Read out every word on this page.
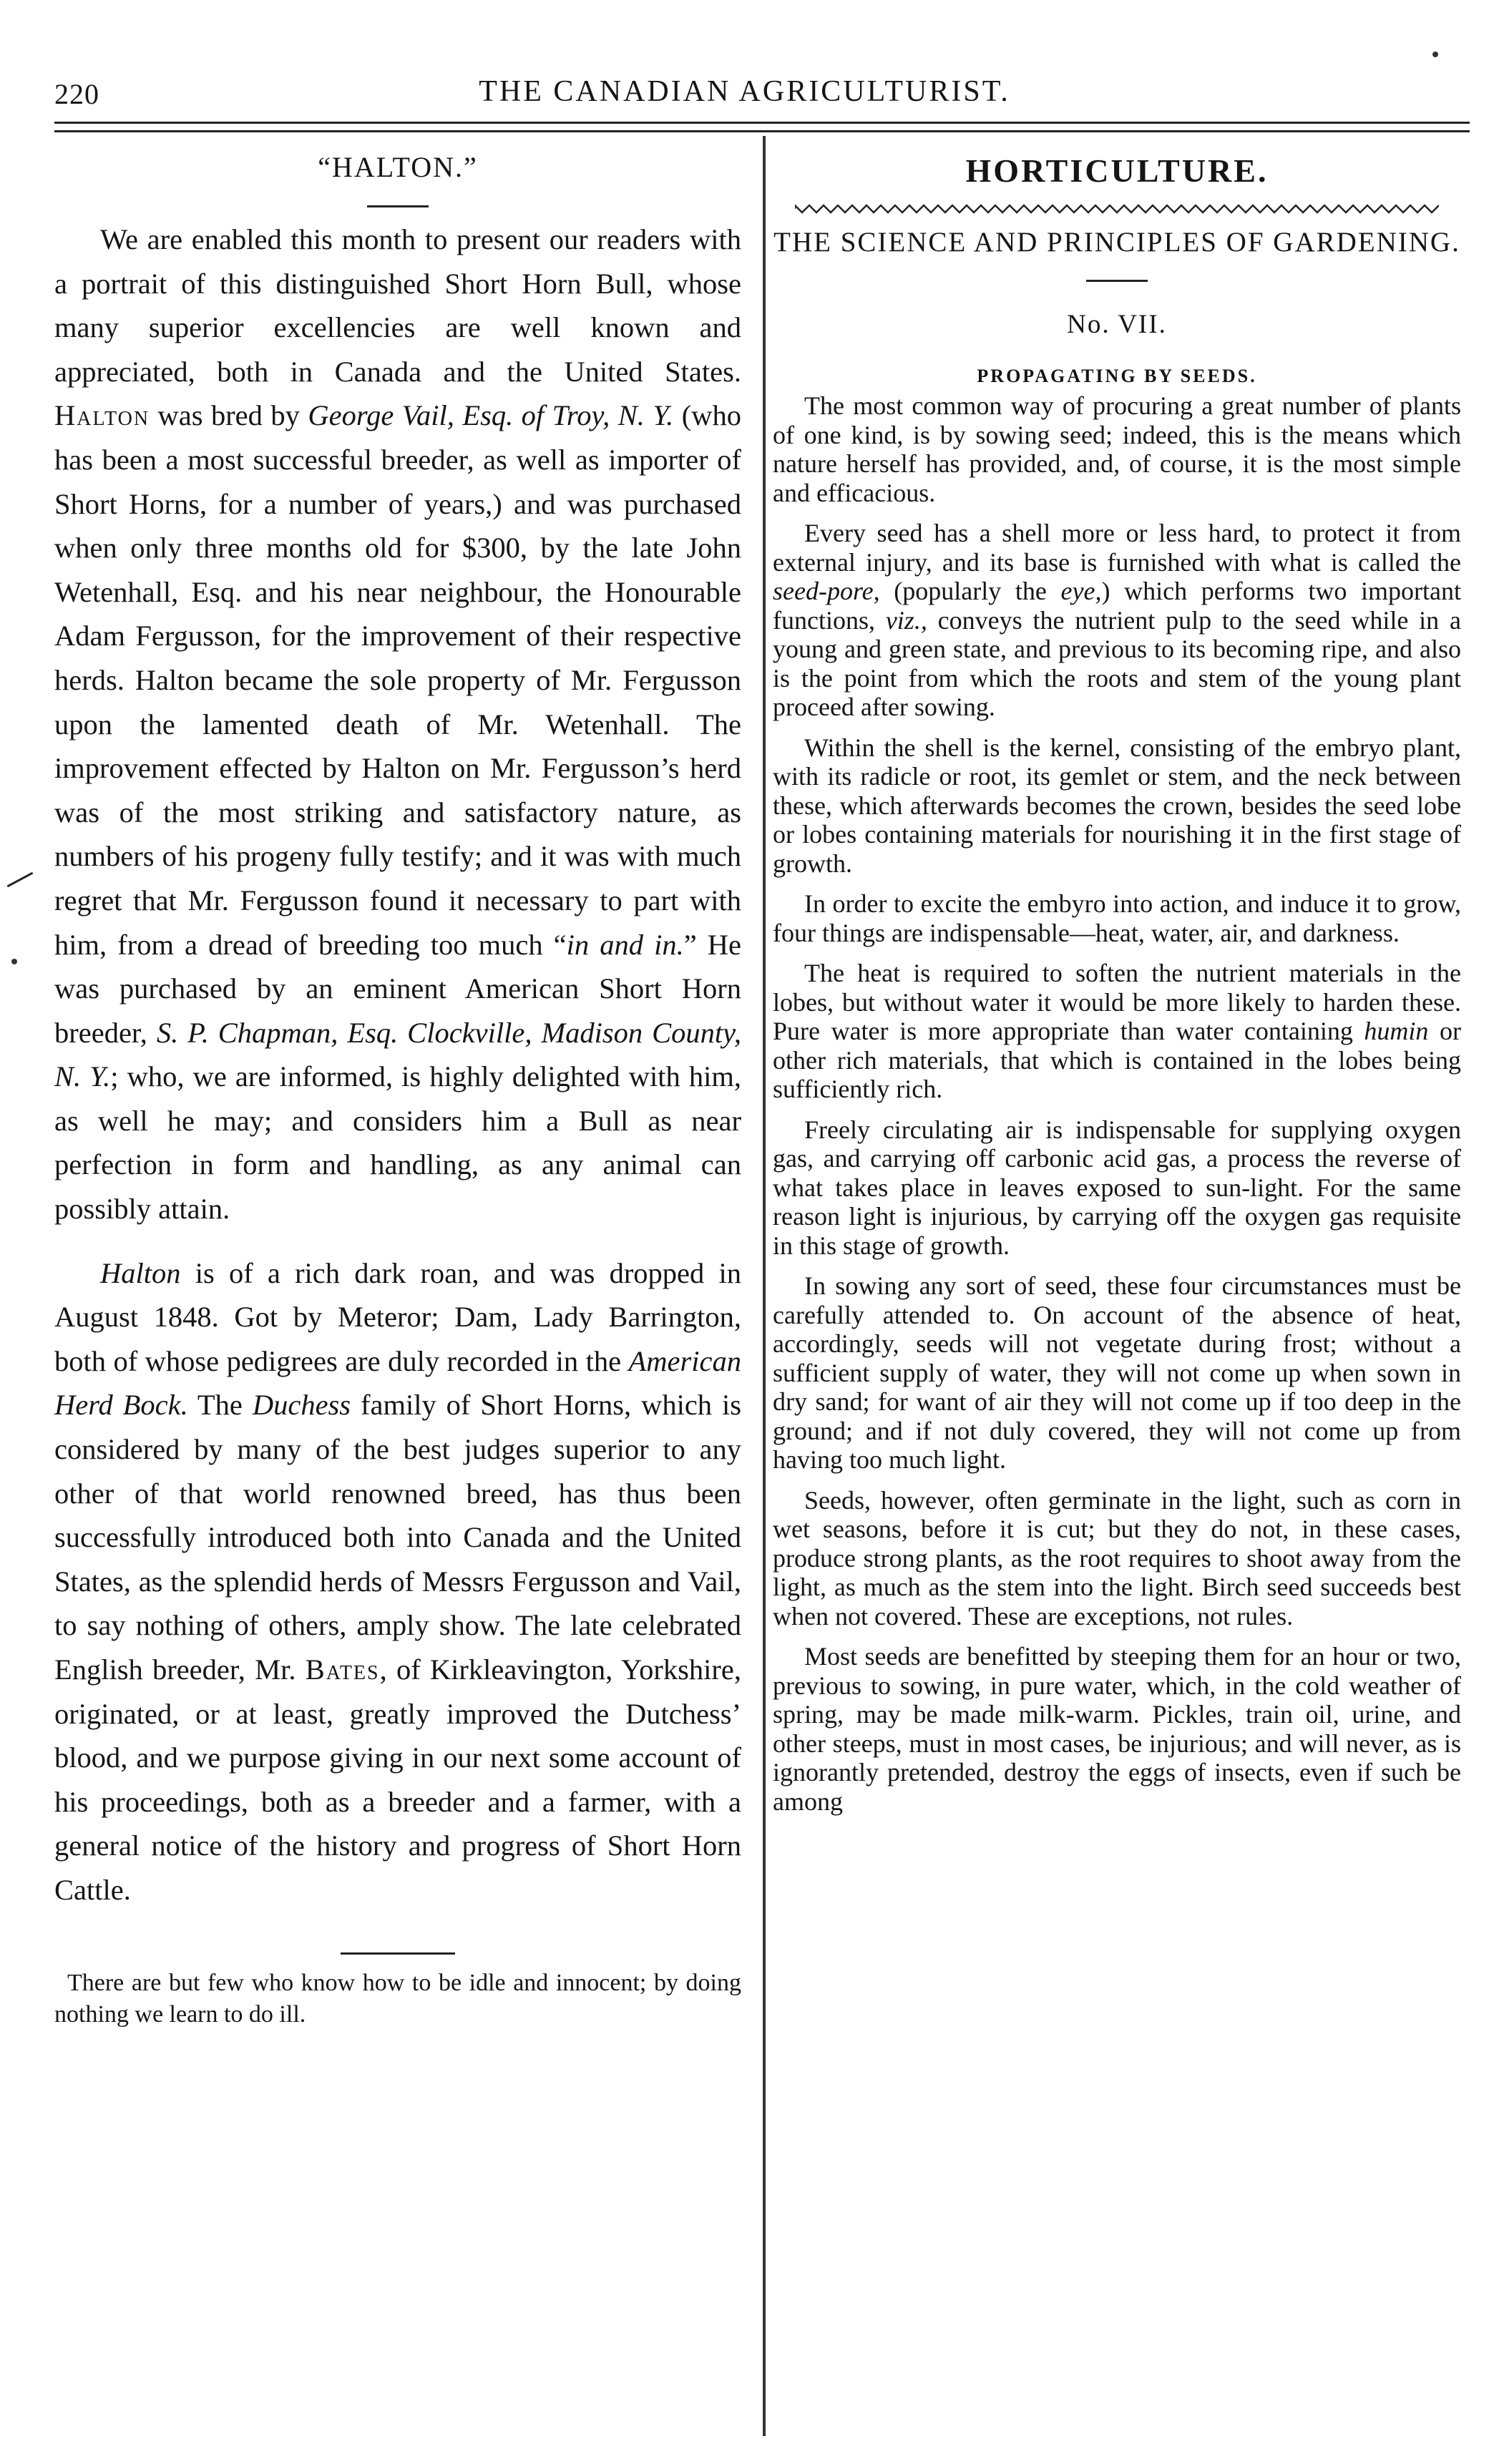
220	THE CANADIAN AGRICULTURIST.
“HALTON.”

We are enabled this month to present our readers with a portrait of this distinguished Short Horn Bull, whose many superior excellencies are well known and appreciated, both in Canada and the United States. Halton was bred by George Vail, Esq. of Troy, N. Y. (who has been a most successful breeder, as well as importer of Short Horns, for a number of years,) and was purchased when only three months old for $300, by the late John Wetenhall, Esq. and his near neighbour, the Honourable Adam Fergusson, for the improvement of their respective herds. Halton became the sole property of Mr. Fergusson upon the lamented death of Mr. Wetenhall. The improvement effected by Halton on Mr. Fergusson’s herd was of the most striking and satisfactory nature, as numbers of his progeny fully testify; and it was with much regret that Mr. Fergusson found it necessary to part with him, from a dread of breeding too much “in and in.” He was purchased by an eminent American Short Horn breeder, S. P. Chapman, Esq. Clockville, Madison County, N. Y.; who, we are informed, is highly delighted with him, as well he may; and considers him a Bull as near perfection in form and handling, as any animal can possibly attain.

Halton is of a rich dark roan, and was dropped in August 1848. Got by Meteror; Dam, Lady Barrington, both of whose pedigrees are duly recorded in the American Herd Bock. The Duchess family of Short Horns, which is considered by many of the best judges superior to any other of that world renowned breed, has thus been successfully introduced both into Canada and the United States, as the splendid herds of Messrs Fergusson and Vail, to say nothing of others, amply show. The late celebrated English breeder, Mr. Bates, of Kirkleavington, Yorkshire, originated, or at least, greatly improved the Dutchess’ blood, and we purpose giving in our next some account of his proceedings, both as a breeder and a farmer, with a general notice of the history and progress of Short Horn Cattle.

There are but few who know how to be idle and innocent; by doing nothing we learn to do ill.

HORTICULTURE.
THE SCIENCE AND PRINCIPLES OF GARDENING.
No. VII.
PROPAGATING BY SEEDS.

The most common way of procuring a great number of plants of one kind, is by sowing seed; indeed, this is the means which nature herself has provided, and, of course, it is the most simple and efficacious.

Every seed has a shell more or less hard, to protect it from external injury, and its base is furnished with what is called the seed-pore, (popularly the eye,) which performs two important functions, viz., conveys the nutrient pulp to the seed while in a young and green state, and previous to its becoming ripe, and also is the point from which the roots and stem of the young plant proceed after sowing.

Within the shell is the kernel, consisting of the embryo plant, with its radicle or root, its gemlet or stem, and the neck between these, which afterwards becomes the crown, besides the seed lobe or lobes containing materials for nourishing it in the first stage of growth.

In order to excite the embyro into action, and induce it to grow, four things are indispensable—heat, water, air, and darkness.

The heat is required to soften the nutrient materials in the lobes, but without water it would be more likely to harden these. Pure water is more appropriate than water containing humin or other rich materials, that which is contained in the lobes being sufficiently rich.

Freely circulating air is indispensable for supplying oxygen gas, and carrying off carbonic acid gas, a process the reverse of what takes place in leaves exposed to sun-light. For the same reason light is injurious, by carrying off the oxygen gas requisite in this stage of growth.

In sowing any sort of seed, these four circumstances must be carefully attended to. On account of the absence of heat, accordingly, seeds will not vegetate during frost; without a sufficient supply of water, they will not come up when sown in dry sand; for want of air they will not come up if too deep in the ground; and if not duly covered, they will not come up from having too much light.

Seeds, however, often germinate in the light, such as corn in wet seasons, before it is cut; but they do not, in these cases, produce strong plants, as the root requires to shoot away from the light, as much as the stem into the light. Birch seed succeeds best when not covered. These are exceptions, not rules.

Most seeds are benefitted by steeping them for an hour or two, previous to sowing, in pure water, which, in the cold weather of spring, may be made milk-warm. Pickles, train oil, urine, and other steeps, must in most cases, be injurious; and will never, as is ignorantly pretended, destroy the eggs of insects, even if such be among
